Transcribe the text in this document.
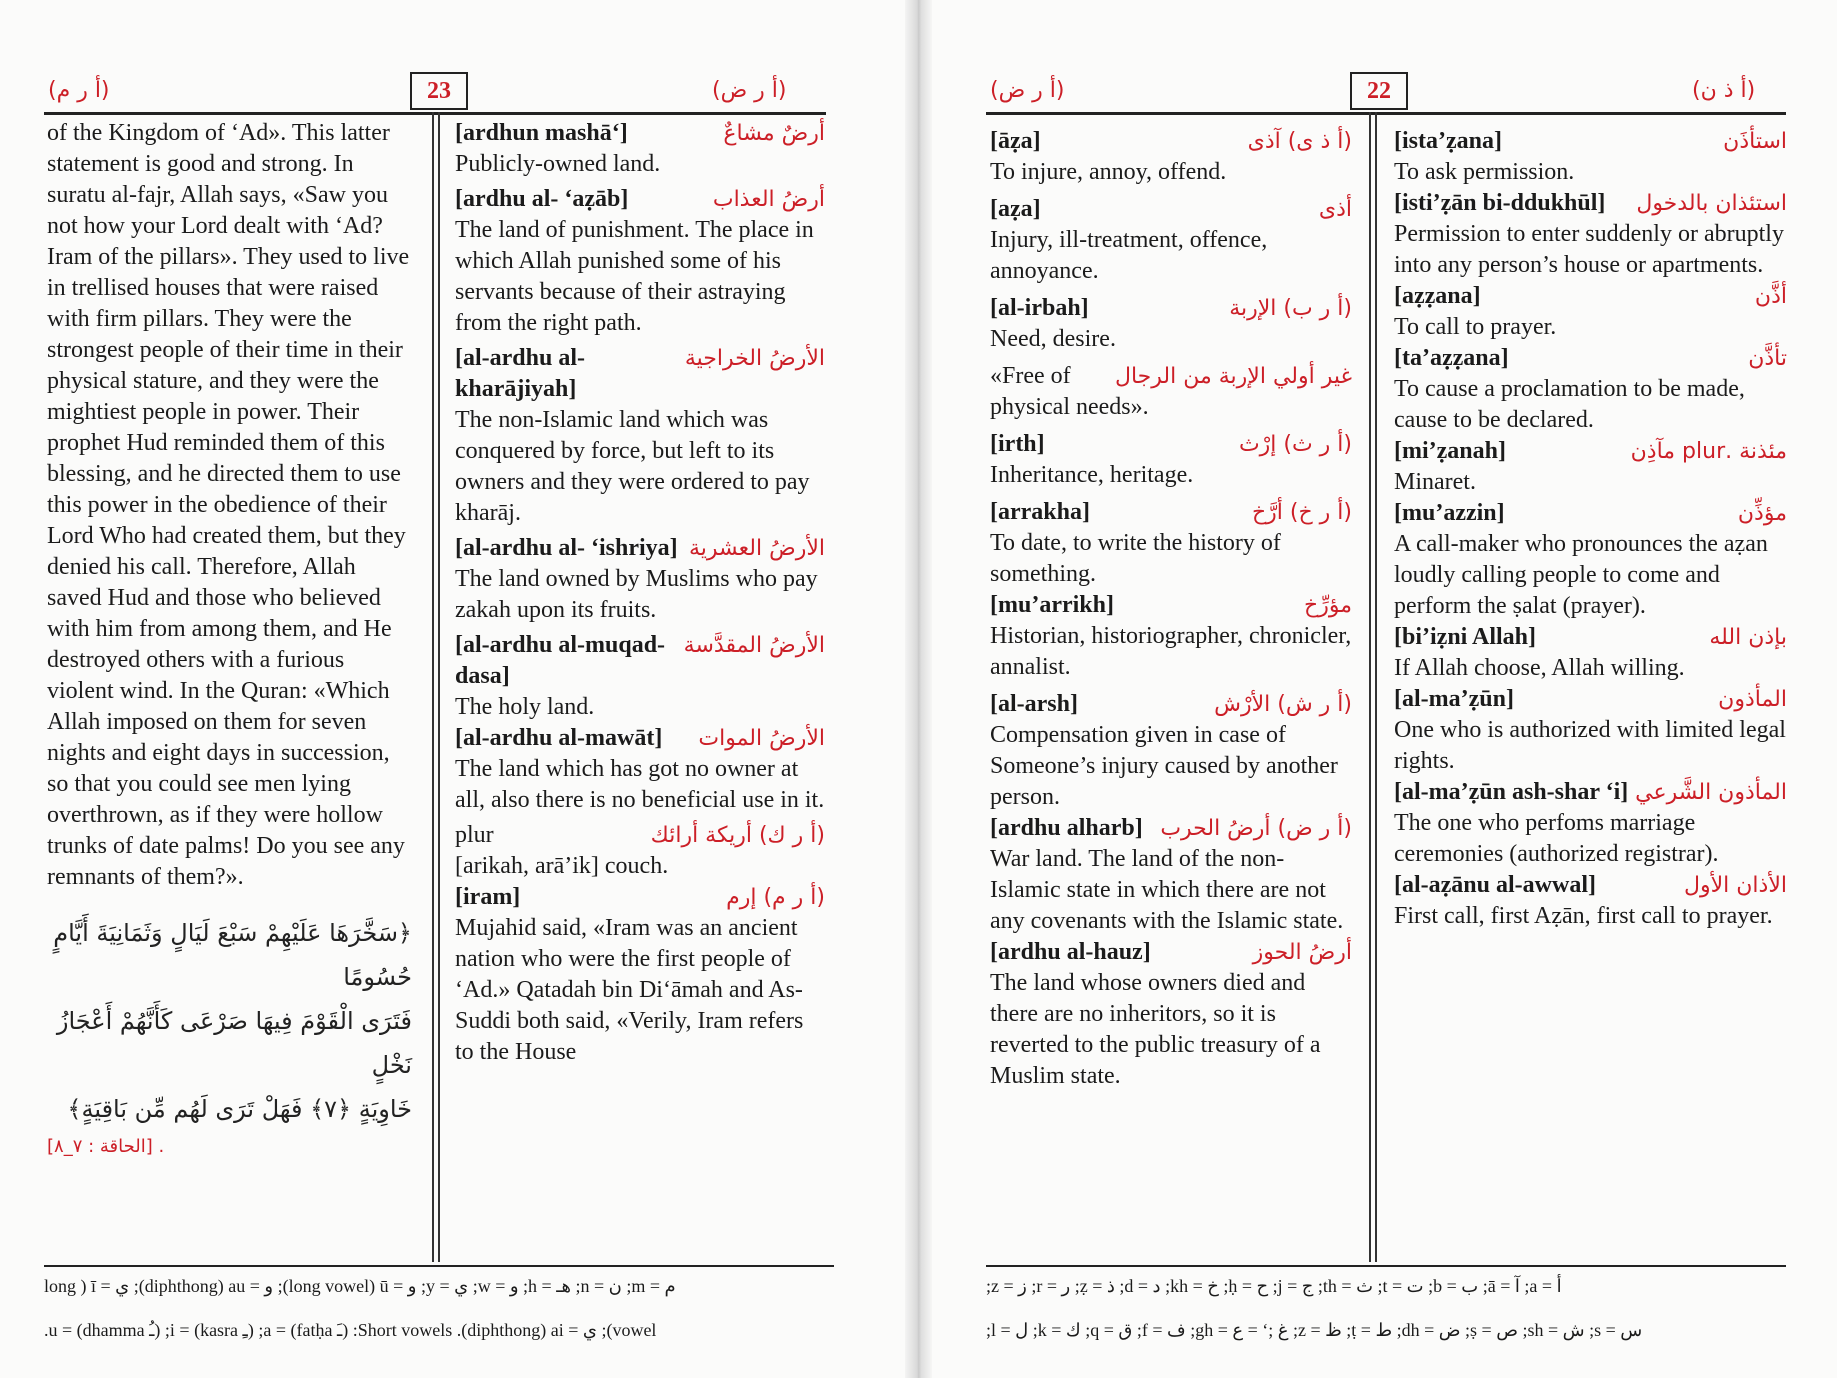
(أ ر م)	23	(أ ر ض)

of the Kingdom of ‘Ad». This latter statement is good and strong. In suratu al-fajr, Allah says, «Saw you not how your Lord dealt with ‘Ad? Iram of the pillars». They used to live in trellised houses that were raised with firm pillars. They were the strongest people of their time in their physical stature, and they were the mightiest people in power. Their prophet Hud reminded them of this blessing, and he directed them to use this power in the obedience of their Lord Who had created them, but they denied his call. Therefore, Allah saved Hud and those who believed with him from among them, and He destroyed others with a furious violent wind. In the Quran: «Which Allah imposed on them for seven nights and eight days in succession, so that you could see men lying overthrown, as if they were hollow trunks of date palms! Do you see any remnants of them?».

﴿سَخَّرَهَا عَلَيْهِمْ سَبْعَ لَيَالٍ وَثَمَانِيَةَ أَيَّامٍ حُسُومًا
فَتَرَى الْقَوْمَ فِيهَا صَرْعَى كَأَنَّهُمْ أَعْجَازُ نَخْلٍ
خَاوِيَةٍ ﴿٧﴾ فَهَلْ تَرَى لَهُم مِّن بَاقِيَةٍ﴾
[الحاقة : ٧_٨] .
أرضٌ مشاعٌ
[ardhun mashā‘]

Publicly-owned land.

أرضُ العذاب
[ardhu al- ‘aẓāb]

The land of punishment. The place in which Allah punished some of his servants because of their astraying from the right path.

الأرضُ الخراجية
[al-ardhu al-kharājiyah]

The non-Islamic land which was conquered by force, but left to its owners and they were ordered to pay kharāj.

الأرضُ العشرية
[al-ardhu al- ‘ishriya]

The land owned by Muslims who pay zakah upon its fruits.

الأرضُ المقدَّسة
[al-ardhu al-muqad-dasa]

The holy land.

الأرضُ الموات
[al-ardhu al-mawāt]

The land which has got no owner at all, also there is no beneficial use in it.

(أ ر ك) أريكة أرائك
plur

[arikah, arā’ik] couch.

(أ ر م) إرم
[iram]

Mujahid said, «Iram was an ancient nation who were the first people of ‘Ad.» Qatadah bin Di‘āmah and As-Suddi both said, «Verily, Iram refers to the House

long ) ī = ي ;(diphthong) au = و ;(long vowel) ū = و ;y = ي ;w = و ;h = هـ ;n = ن ;m = م
.u = (dhamma ـُ) ;i = (kasra ـِ) ;a = (fatḥa ـَ) :Short vowels .(diphthong) ai = ي ;(vowel
(أ ر ض)	22	(أ ذ ن)
(أ ذ ى) آذى
[āẓa]

To injure, annoy, offend.

أذى
[aẓa]

Injury, ill-treatment, offence, annoyance.

(أ ر ب) الإربة
[al-irbah]

Need, desire.

غير أولي الإربة من الرجال

«Free of physical needs».

(أ ر ث) إرْث
[irth]

Inheritance, heritage.

(أ ر خ) أرَّخ
[arrakha]

To date, to write the history of something.

مؤرِّخ
[mu’arrikh]

Historian, historiographer, chronicler, annalist.

(أ ر ش) الأرْش
[al-arsh]

Compensation given in case of Someone’s injury caused by another person.

(أ ر ض) أرضُ الحرب
[ardhu alharb]

War land. The land of the non-Islamic state in which there are not any covenants with the Islamic state.

أرضُ الحوز
[ardhu al-hauz]

The land whose owners died and there are no inheritors, so it is reverted to the public treasury of a Muslim state.

استأذَن
[ista’ẓana]

To ask permission.

استئذان بالدخول
[isti’ẓān bi-ddukhūl]

Permission to enter suddenly or abruptly into any person’s house or apartments.

أذَّن
[aẓẓana]

To call to prayer.

تأذَّن
[ta’aẓẓana]

To cause a proclamation to be made, cause to be declared.

مئذنة .plur مآذِن
[mi’ẓanah]

Minaret.

مؤذِّن
[mu’azzin]

A call-maker who pronounces the aẓan loudly calling people to come and perform the ṣalat (prayer).

بإذن الله
[bi’iẓni Allah]

If Allah choose, Allah willing.

المأذون
[al-ma’ẓūn]

One who is authorized with limited legal rights.

المأذون الشَّرعي
[al-ma’ẓūn ash-shar ‘i]

The one who perfoms marriage ceremonies (authorized registrar).

الأذان الأول
[al-aẓānu al-awwal]

First call, first Aẓān, first call to prayer.

;z = ز ;r = ر ;ẓ = ذ ;d = د ;kh = خ ;ḥ = ح ;j = ج ;th = ث ;t = ت ;b = ب ;ā = آ ;a = أ
;l = ل ;k = ك ;q = ق ;f = ف ;gh = غ ;‘ = ع ;z = ظ ;ṭ = ط ;dh = ض ;ṣ = ص ;sh = ش ;s = س
